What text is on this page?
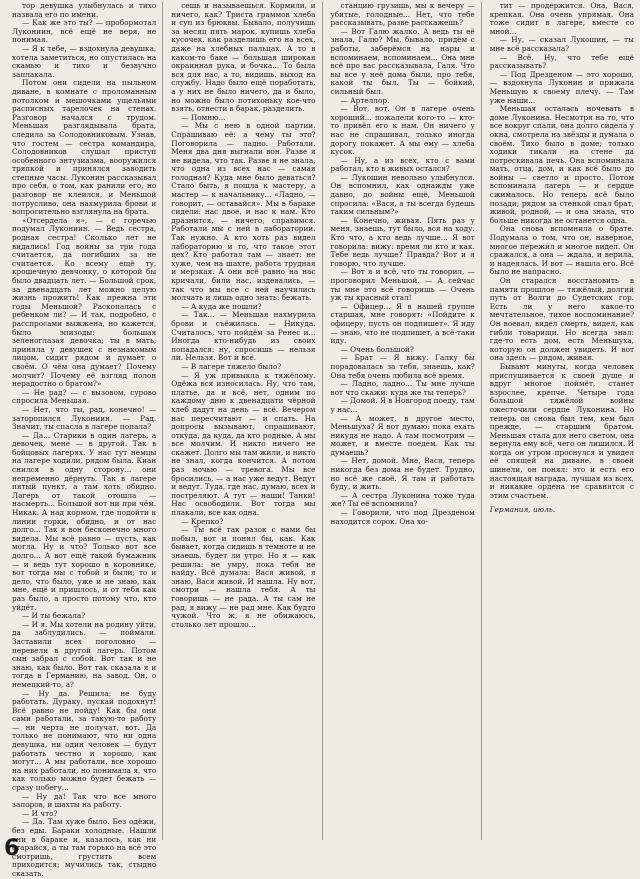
тор девушка улыбнулась и тихо назвала его по имени.

— Как же это ты? — пробормотал Лукониин, всё ещё не веря, не понимая.

— Я к тебе, — вздохнула девушка, хотела заметиться, но опустилась на скамью и тихо и безвучно заплакала.

Потом они сидели на пыльном диване, в комнате с проломанным потолком и мешочками ущельями расписных тарелочек на стенах. Разговор начался с трудом. Меньшая разглядывала брата, следила за Солодовниковым. Узнав, что гостем — сестра командира, Солодовников слушал приступ особенного энтузиазма, вооружился тряпкой и принялся заводить степные часы. Луконин рассказывал про себя, о том, как ранили его, но разговор не клеился, и Меньшой потрусливо, она нахмурила брови и вопросительно взглянула на брата.

«Отсердела я», — с горечью подумал Лукониин. — Ведь сестра, родная сестра! Сколько лет не видались! Год войны за три года считается, да погибших за не считается. Ко всему ещё ту, крошечную девчонку, о которой бы было двадцать лет. — Большой срок, за двенадцать лет можно целую жизнь прожить! Как прежна эти годы Меньшой? Раскопалась с ребенком ли? — И так, подробно, с расспросами выжжена, но кажется, было эпизоды: большая зеленоглазая девочка; ты в мать, приняла у девушек с незнакомым лицом, сидит рядом и думает о своём. О чём она думает? Почему молчит? Почему её взгляд полон нерадостно о братом?»

— Не рад? — с вызовом, сурово спросила Меньшая.

— Нет, что ты, рад, конечно! — заторопился Лукониин. — Рад. Значит, ты спасла в лагере попала?

— Да... Старики в один лагерь, а девочек, мене — в другой. Так в бойцовых лагерях. У нас тут немцы на лагере ходили, рядом была. Киан снился в одну сторону... они непременно дёрнуть. Так в лагере пятый пункт, а там хоть обидно. Лагерь от такой отошла — насмерть... Большой вот ни при чём. Никак. А над кормом, где подойти к линии горки, обидно, и от нас долго... Так я вон бесконечно много видела. Мы всё равно — пусть, как могла. Ну и что? Только вот все долго... А вот ещё такой бумажник — и ведь тут хорошо в коровнике, вот тогда мы с тобой и были; то и дело, что было, уже и не знаю, как мне, ещё и пришлось, и от тебя как раз было, а просто потому что, кто уйдёт.

— И ты бежала?

— И я. Мы хотели на родину уйти, да заблудились. — поймали. Заставили всех поголовно — перевели в другой лагерь. Потом сын забрал с собой. Вот так и не знаю, как было. Вот так сказала я и тогда в Германию, на завод. Он, о немецкий-то, а?

— Ну да. Решила: не буду работать. Дураку, пускай подохнут! Всё равно не пойду! Как бы они сами работали, за такую-то работу — ни черта не получат, вот. Да только не понимают, что ни одна девушка, ни один человек — будут работать честно и хорошо, как могут... А мы работали, все хорошо на них работали, но понимала я, что как только можно будет бежать — сразу побегу...

— Ну да! Так что все много запоров, и шахты на работу.

— И что?

— Да. Там хуже было. Без одёжи, без еды. Бараки холодные. Нашли они в бараке и, казалось, как ни старайся, а ты там горько на всё это смотришь, грустить всем приходится; мучились так, стыдно сказать.

сешь и называешься. Кормили, и ничего, как? Триста граммов хлеба и суп из брюквы. Бывало, получишь за месяц пять марок, купишь хлеба кусочек, как разделишь его на всех, даже на хлебных пальцах. А то в каком-то баке — большая широкая окраинная рука, и бочка... То была вся для нас, а то, видишь, выход на службу. Надо было ещё поработать, а у них не было ничего, да и было, но можно было потихоньку кое-что взять, отнести в барак, разделить.

— Помню...

— Мы с нею в одной партии. Спрашиваю её: а чему ты это? Поговорила — ладно. Работали. Меня два дня выгнали вон. Разве я не видела, что так. Разве я не знала, что одна из всех нас — самая голодная? Куда мне было деваться? Стало быть, я пошла к мастеру, а мастер — к начальнику... «Ладно, — говорит, — оставайся». Мы в бараке сидели: нас двое, и нас к нам. Кто дразнится, — ничего, справимся. Работали мы с ней в лаборатории. Так нужно. А кто хоть раз видел лабораторию и то, что такое этот цех? Кто работал там — знает: не хуже, чем на шахте, работа трудная и мерзкая. А они всё равно на нас кричали, били нас, издевались, — так что мы все с ней научились молчать и лишь одно знать: бежать.

— А куда же пошли?

— Так... — Меньшая нахмурила брови и съёжилась. — Никуда. Считалось, что пойдём за Ренес и... Иногда кто-нибудь из своих попадался: ну, спросишь — нельзя ли. Нельзя. Вот и всё.

— В лагере тяжело было?

— Я уж привыкла к тяжёлому. Одёжа вся износилась. Ну, что там, платье, да и всё, нет, одним по каждому дню к двенадцати чёрной хлеб дадут на день — всё. Вечером нас пересчитают — и спать. На допросы вызывают, спрашивают, откуда, да куда, да кто родные. А мы все молчим. И никто ничего не скажет. Долго мы там жили, и никто не знал, когда кончится. А потом раз ночью — тревога. Мы все бросились, — а нас уже ведут. Ведут и ведут. Туда, где нас, думаю, всех и постреляют. А тут — наши! Танки! Нас освободили. Вот тогда мы плакали, все как одна.

— Крепко?

— Ты всё так разок с нами бы побыл, вот и понял бы, как. Как бывает, когда сидишь в темноте и не знаешь, будет ли утро. Но я — как решила: не умру, пока тебя не найду. Всё думала: Вася живой, я знаю, Вася живой. И нашла. Ну вот, смотри — нашла тебя. А ты говоришь — не рада. А ты сам не рад, я вижу — не рад мне. Как будто чужой. Что ж, я не обижаюсь, столько лет прошло...

станцию грузишь, мы к вечеру — убитые, голодные... Нет, что тебе рассказывать, разве расскажешь?

— Вот Галю жалко. А ведь ты её знала, Галю? Мы, бывало, придём с работы, заберёмся на нары и вспоминаем, вспоминаем... Она мне всё про вас рассказывала, Галя. Что вы все у неё дома были, про тебя, какой ты был. Ты — бойкий, сильный был.

— Артеллор.

— Вот, вот. Он в лагере очень хороший... пожалели кого-то — кто-то привёл его к нам. Он ничего у нас не спрашивал, только иногда дорогу покажет. А мы ему — хлеба кусок.

— Ну, а из всех, кто с вами работал, кто в живых остался?

— Лукошин невольно улыбнулся. Он вспомнил, как однажды уже давно, до войны ещё, Меньшой спросила: «Вася, а ты всегда будешь таким сильным?»

— Конечно, живая. Пять раз у меня, знаешь, тут было, вся на ходу. Кто что, а кто ведь лучше... Я вот говорила: вижу: время ли кто и как. Тебе ведь лучше? Правда? Вот и я говорю, что лучше.

— Вот я и всё, что ты говорил, — проговорил Меньшой. — А сейчас ты мне это всё говоришь — Очень уж ты красный стал!

— Офицер... Я в нашей группе старшая, мне говорят: «Пойдите к офицеру, пусть он подпишет». Я иду — знаю, что не подпишет, а всё-таки иду.

— Очень большой?

— Брат — Я вижу. Галку бы порадовалась за тебя, знаешь, как? Она тебя очень любила всё время.

— Ладно, ладно... Ты мне лучше вот что скажи: куда же ты теперь?

— Домой. Я в Новгород поеду, там у нас...

— А может, в другое место, Меньшуха? Я вот думаю: пока ехать никуда не надо. А там посмотрим — может, и вместе поедем. Как ты думаешь?

— Нет, домой. Мне, Вася, теперь никогда без дома не будет. Трудно, но всё же своё. Я там и работать буду, и жить.

— А сестра Луконина тоже туда же? Ты её вспомнила?

— Говорили, что под Дрезденом находится сорок. Она хо-

тит — продержится. Она, Вася, крепкая. Она очень упрямая. Она тоже сидит в лагере, вместе со мной...

— Ну, — сказал Лукошин, — ты мне всё рассказала?

— Всё. Ну, что тебе ещё рассказывать?

— Под Дрезденом — это хорошо, — вздохнула Луконин и прижала Меньшую к своему плечу. — Там уже наши...

Меньшая осталась ночевать в доме Луконина. Несмотря на то, что все вокруг спали, она долго сидела у окна, смотрела на звёзды и думала о своём. Тихо было в доме; только ходики тикали на стене да потрескивала печь. Она вспоминала мать, отца, дом, и как всё было до войны — светло и просто. Потом вспоминала лагерь — и сердце сжималось. Но теперь всё было позади; рядом за стенкой спал брат, живой, родной, — и она знала, что больше никогда не останется одна.

Она снова вспомнила о брате. Подумала о том, что он, наверное, многое пережил и многое видел. Он сражался, а она — ждала, и верила, и надеялась. И вот — нашла его. Всё было не напрасно.

Он старался восстановить в памяти прошлое — тяжёлый, долгий путь от Волги до Судетских гор. Есть ли у него какое-то мечтательное, тихое воспоминание? Он воевал, видел смерть, видел, как гибли товарищи. Но всегда знал: где-то есть дом, есть Меньшуха, которую он должен увидеть. И вот она здесь — рядом, живая.

Бывают минуты, когда человек прислушивается к своей душе и вдруг многое поймёт, станет взрослее, крепче. Четыре года большой тяжёлой войны ожесточили сердце Луконина. Но теперь он снова был тем, кем был прежде, — старшим братом. Меньшая стала для него светом, она вернула ему всё, чего он лишился. И когда он утром проснулся и увидел её спящей на диване, в своей шинели, он понял: это и есть его настоящая награда, лучшая из всех, и никакие ордена не сравнятся с этим счастьем.

Германия, июль.

6
